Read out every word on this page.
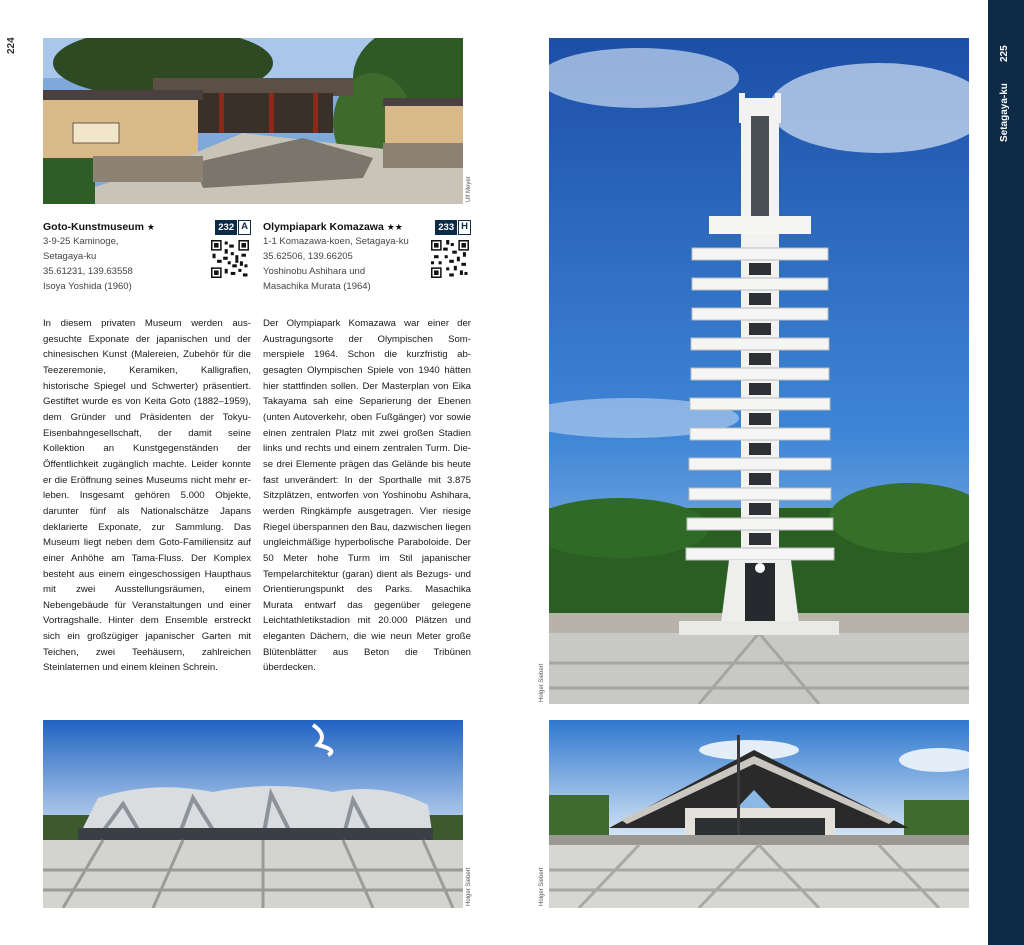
224	225
Setagaya-ku
Ulf Meyer
Goto-Kunstmuseum ★
3-9-25 Kaminoge,
Setagaya-ku
35.61231, 139.63558
Isoya Yoshida (1960)
232 A Olympiapark Komazawa ★★
1-1 Komazawa-koen, Setagaya-ku
35.62506, 139.66205
Yoshinobu Ashihara und
Masachika Murata (1964)
233 H
In diesem privaten Museum werden ausgesuchte Exponate der japanischen und der chinesischen Kunst (Malereien, Zubehör für die Teezeremonie, Keramiken, Kalligrafien, historische Spiegel und Schwerter) präsentiert. Gestiftet wurde es von Keita Goto (1882–1959), dem Gründer und Präsidenten der Tokyu-Eisenbahngesellschaft, der damit seine Kollektion an Kunstgegenständen der Öffentlichkeit zugänglich machte. Leider konnte er die Eröffnung seines Museums nicht mehr erleben. Insgesamt gehören 5.000 Objekte, darunter fünf als Nationalschätze Japans deklarierte Exponate, zur Sammlung. Das Museum liegt neben dem Goto-Familiensitz auf einer Anhöhe am Tama-Fluss. Der Komplex besteht aus einem eingeschossigen Haupthaus mit zwei Ausstellungsräumen, einem Nebengebäude für Veranstaltungen und einer Vortragshalle. Hinter dem Ensemble erstreckt sich ein großzügiger japanischer Garten mit Teichen, zwei Teehäusern, zahlreichen Steinlaternen und einem kleinen Schrein.
Der Olympiapark Komazawa war einer der Austragungsorte der Olympischen Sommerspiele 1964. Schon die kurzfristig abgesagten Olympischen Spiele von 1940 hätten hier stattfinden sollen. Der Masterplan von Eika Takayama sah eine Separierung der Ebenen (unten Autoverkehr, oben Fußgänger) vor sowie einen zentralen Platz mit zwei großen Stadien links und rechts und einem zentralen Turm. Diese drei Elemente prägen das Gelände bis heute fast unverändert: In der Sporthalle mit 3.875 Sitzplätzen, entworfen von Yoshinobu Ashihara, werden Ringkämpfe ausgetragen. Vier riesige Riegel überspannen den Bau, dazwischen liegen ungleichmäßige hyperbolische Paraboloide. Der 50 Meter hohe Turm im Stil japanischer Tempelarchitektur (garan) dient als Bezugs- und Orientierungspunkt des Parks. Masachika Murata entwarf das gegenüber gelegene Leichtathletikstadion mit 20.000 Plätzen und eleganten Dächern, die wie neun Meter große Blütenblätter aus Beton die Tribünen überdecken.
Holger Siebert
Holger Siebert
Holger Siebert
